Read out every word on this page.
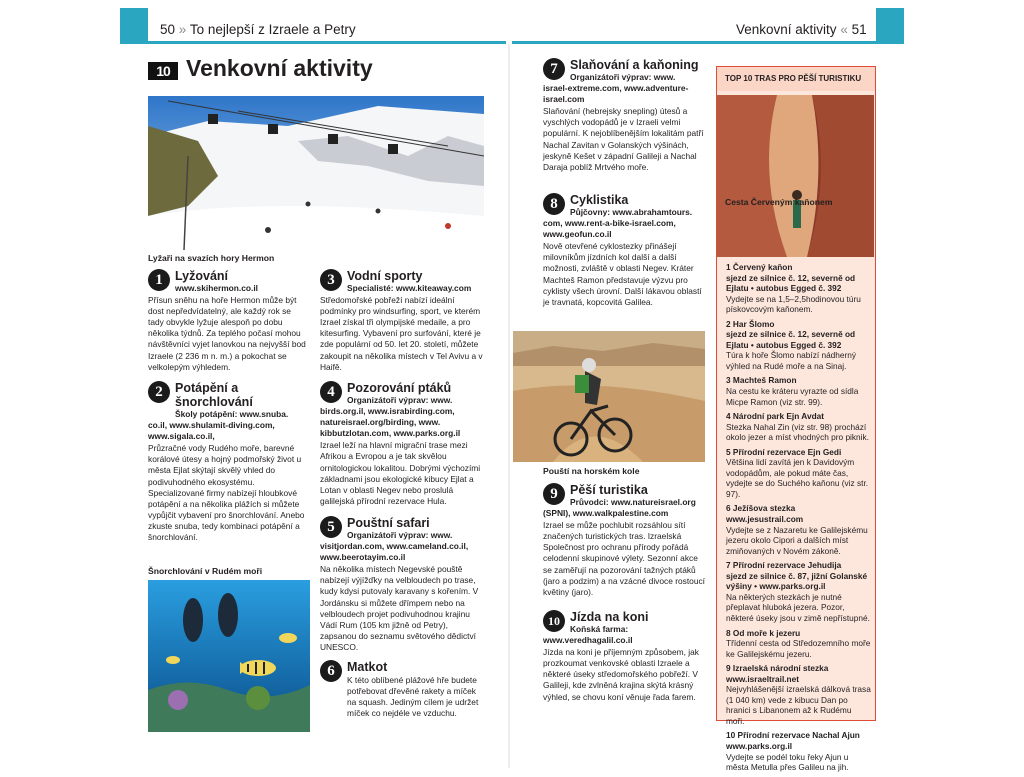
50 » To nejlepší z Izraele a Petry	Venkovní aktivity « 51
10 Venkovní aktivity
Lyžaři na svazích hory Hermon
Šnorchlování v Rudém moři
1 Lyžování
www.skihermon.co.il
Přísun sněhu na hoře Hermon může být dost nepředvídatelný, ale každý rok se tady obvykle lyžuje alespoň po dobu několika týdnů. Za teplého počasí mohou návštěvníci vyjet lanovkou na nejvyšší bod Izraele (2 236 m n. m.) a pokochat se velkolepým výhledem.
2 Potápění a šnorchlování
Školy potápění: www.snuba.
co.il, www.shulamit-diving.com, www.sigala.co.il,
Průzračné vody Rudého moře, barevné korálové útesy a hojný podmořský život u města Ejlat skýtají skvělý vhled do podivuhodného ekosystému. Specializované firmy nabízejí hloubkové potápění a na několika plážích si můžete vypůjčit vybavení pro šnorchlování. Anebo zkuste snuba, tedy kombinaci potápění a šnorchlování.
3 Vodní sporty
Specialisté: www.kiteaway.com
Středomořské pobřeží nabízí ideální podmínky pro windsurfing, sport, ve kterém Izrael získal tři olympijské medaile, a pro kitesurfing. Vybavení pro surfování, které je zde populární od 50. let 20. století, můžete zakoupit na několika místech v Tel Avivu a v Haifě.
4 Pozorování ptáků
Organizátoři výprav: www.
birds.org.il, www.israbirding.com, natureisrael.org/birding, www. kibbutzlotan.com, www.parks.org.il
Izrael leží na hlavní migrační trase mezi Afrikou a Evropou a je tak skvělou ornitologickou lokalitou. Dobrými výchozími základnami jsou ekologické kibucy Ejlat a Lotan v oblasti Negev nebo proslulá galilejská přírodní rezervace Hula.
5 Pouštní safari
Organizátoři výprav: www.
visitjordan.com, www.cameland.co.il, www.beerotayim.co.il
Na několika místech Negevské pouště nabízejí výjížďky na velbloudech po trase, kudy kdysi putovaly karavany s kořením. V Jordánsku si můžete dřímpem nebo na velbloudech projet podivuhodnou krajinu Vádí Rum (105 km jižně od Petry), zapsanou do seznamu světového dědictví UNESCO.
6 Matkot
K této oblíbené plážové hře budete potřebovat dřevěné rakety a míček na squash. Jediným cílem je udržet míček co nejdéle ve vzduchu.
7 Slaňování a kaňoning
Organizátoři výprav: www.
israel-extreme.com, www.adventure-israel.com
Slaňování (hebrejsky snepling) útesů a vyschlých vodopádů je v Izraeli velmi populární. K nejoblíbenějším lokalitám patří Nachal Zavitan v Golanských výšinách, jeskyně Kešet v západní Galileji a Nachal Daraja poblíž Mrtvého moře.
8 Cyklistika
Půjčovny: www.abrahamtours.
com, www.rent-a-bike-israel.com, www.geofun.co.il
Nově otevřené cyklostezky přinášejí milovníkům jízdních kol další a další možnosti, zvláště v oblasti Negev. Kráter Machteš Ramon představuje výzvu pro cyklisty všech úrovní. Další lákavou oblastí je travnatá, kopcovitá Galilea.
Pouští na horském kole
9 Pěší turistika
Průvodci: www.natureisrael.org
(SPNI), www.walkpalestine.com
Izrael se může pochlubit rozsáhlou sítí značených turistických tras. Izraelská Společnost pro ochranu přírody pořádá celodenní skupinové výlety. Sezonní akce se zaměřují na pozorování tažných ptáků (jaro a podzim) a na vzácné divoce rostoucí květiny (jaro).
10 Jízda na koni
Koňská farma:
www.veredhagalil.co.il
Jízda na koni je příjemným způsobem, jak prozkoumat venkovské oblasti Izraele a některé úseky středomořského pobřeží. V Galileji, kde zvlněná krajina skýtá krásný výhled, se chovu koní věnuje řada farem.
TOP 10 TRAS PRO PĚŠÍ TURISTIKU
Cesta Červeným kaňonem
1 Červený kaňon
sjezd ze silnice č. 12, severně od Ejlatu • autobus Egged č. 392
Vydejte se na 1,5–2,5hodinovou túru pískovcovým kaňonem.
2 Har Šlomo
sjezd ze silnice č. 12, severně od Ejlatu • autobus Egged č. 392
Túra k hoře Šlomo nabízí nádherný výhled na Rudé moře a na Sinaj.
3 Machteš Ramon
Na cestu ke kráteru vyrazte od sídla Micpe Ramon (viz str. 99).
4 Národní park Ejn Avdat
Stezka Nahal Zin (viz str. 98) prochází okolo jezer a míst vhodných pro piknik.
5 Přírodní rezervace Ejn Gedi
Většina lidí zavítá jen k Davidovým vodopádům, ale pokud máte čas, vydejte se do Suchého kaňonu (viz str. 97).
6 Ježíšova stezka
www.jesustrail.com
Vydejte se z Nazaretu ke Galilejskému jezeru okolo Cipori a dalších míst zmiňovaných v Novém zákoně.
7 Přírodní rezervace Jehudija
sjezd ze silnice č. 87, jižní Golanské výšiny • www.parks.org.il
Na některých stezkách je nutné přeplavat hluboká jezera. Pozor, některé úseky jsou v zimě nepřístupné.
8 Od moře k jezeru
Třídenní cesta od Středozemního moře ke Galilejskému jezeru.
9 Izraelská národní stezka
www.israeltrail.net
Nejvyhlášenější izraelská dálková trasa (1 040 km) vede z kibucu Dan po hranici s Libanonem až k Rudému moři.
10 Přírodní rezervace Nachal Ajun
www.parks.org.il
Vydejte se podél toku řeky Ajun u města Metulla přes Galileu na jih.
